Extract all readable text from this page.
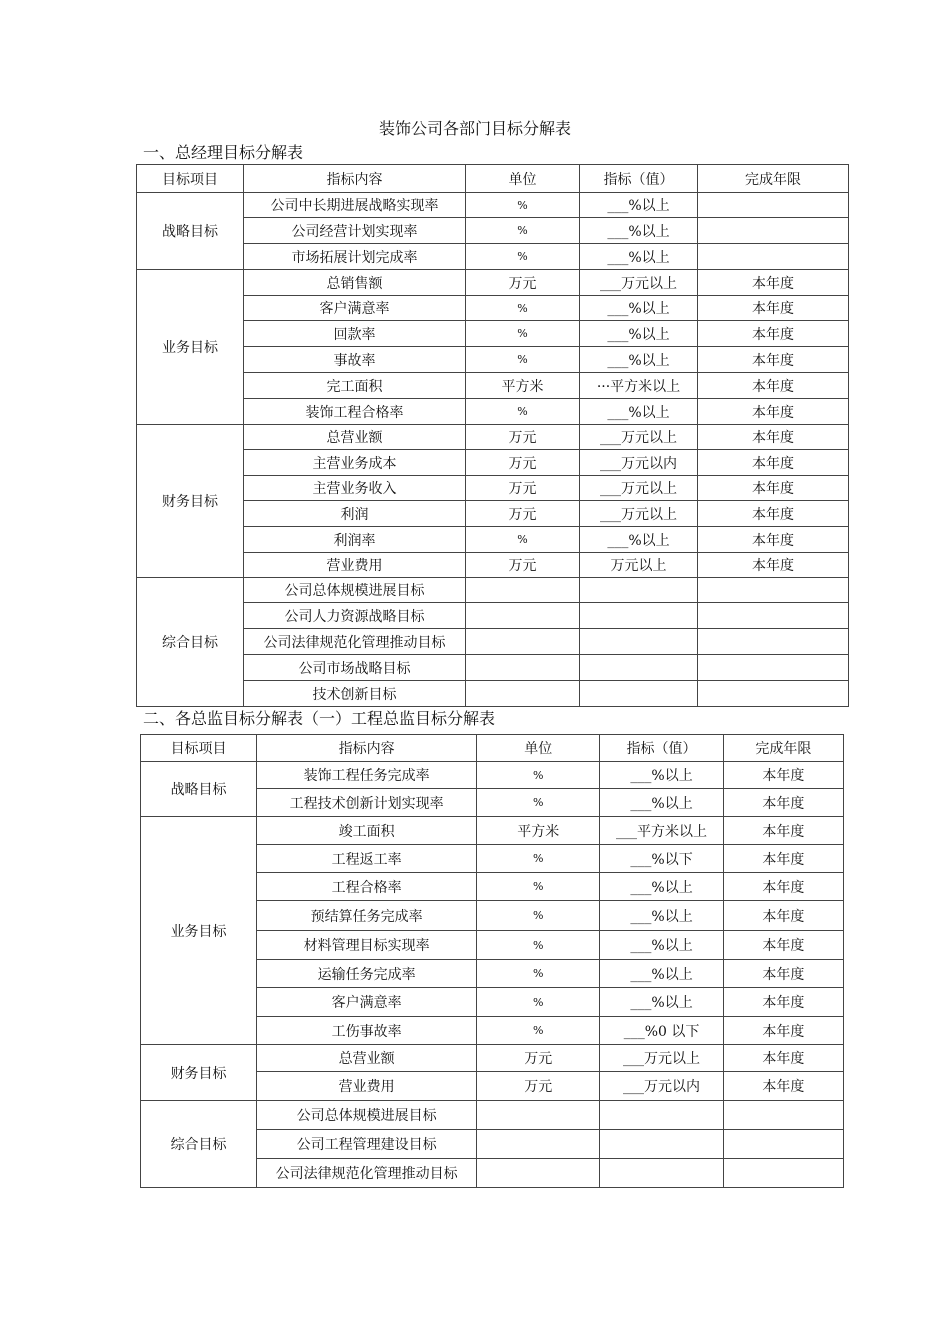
装饰公司各部门目标分解表
一、总经理目标分解表
目标项目	指标内容	单位	指标（值）	完成年限
战略目标	公司中长期进展战略实现率	%	___%以上	
	公司经营计划实现率	%	___%以上	
	市场拓展计划完成率	%	___%以上	
业务目标	总销售额	万元	___万元以上	本年度
	客户满意率	%	___%以上	本年度
	回款率	%	___%以上	本年度
	事故率	%	___%以上	本年度
	完工面积	平方米	···平方米以上	本年度
	装饰工程合格率	%	___%以上	本年度
财务目标	总营业额	万元	___万元以上	本年度
	主营业务成本	万元	___万元以内	本年度
	主营业务收入	万元	___万元以上	本年度
	利润	万元	___万元以上	本年度
	利润率	%	___%以上	本年度
	营业费用	万元	万元以上	本年度
综合目标	公司总体规模进展目标			
	公司人力资源战略目标			
	公司法律规范化管理推动目标			
	公司市场战略目标			
	技术创新目标			
二、各总监目标分解表（一）工程总监目标分解表
目标项目	指标内容	单位	指标（值）	完成年限
战略目标	装饰工程任务完成率	%	___%以上	本年度
	工程技术创新计划实现率	%	___%以上	本年度
业务目标	竣工面积	平方米	___平方米以上	本年度
	工程返工率	%	___%以下	本年度
	工程合格率	%	___%以上	本年度
	预结算任务完成率	%	___%以上	本年度
	材料管理目标实现率	%	___%以上	本年度
	运输任务完成率	%	___%以上	本年度
	客户满意率	%	___%以上	本年度
	工伤事故率	%	___%0 以下	本年度
财务目标	总营业额	万元	___万元以上	本年度
	营业费用	万元	___万元以内	本年度
综合目标	公司总体规模进展目标			
	公司工程管理建设目标			
	公司法律规范化管理推动目标			
